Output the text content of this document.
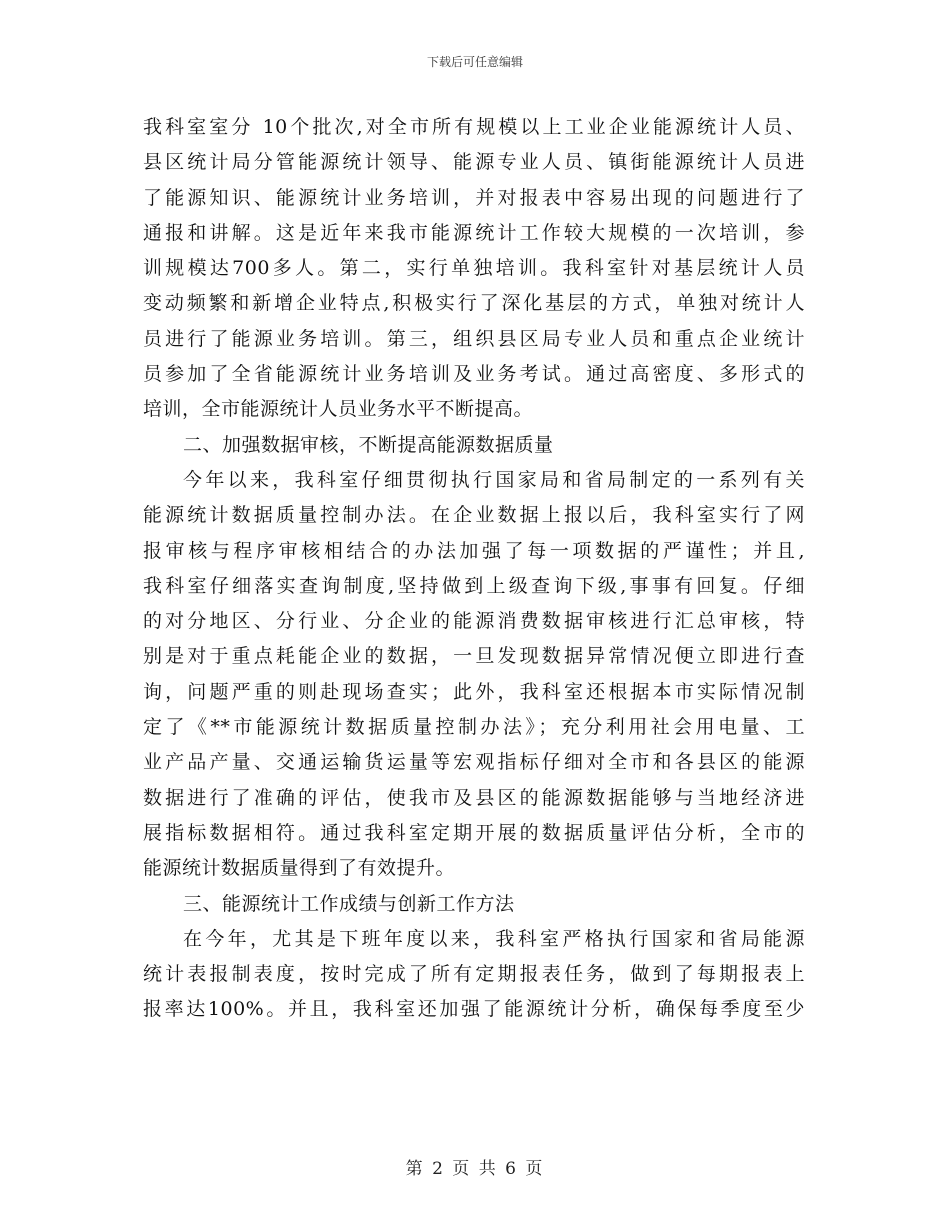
下载后可任意编辑
我科室室分 10个批次,对全市所有规模以上工业企业能源统计人员、
县区统计局分管能源统计领导、能源专业人员、镇街能源统计人员进
了能源知识、能源统计业务培训，并对报表中容易出现的问题进行了
通报和讲解。这是近年来我市能源统计工作较大规模的一次培训，参
训规模达700多人。第二，实行单独培训。我科室针对基层统计人员
变动频繁和新增企业特点,积极实行了深化基层的方式，单独对统计人
员进行了能源业务培训。第三，组织县区局专业人员和重点企业统计
员参加了全省能源统计业务培训及业务考试。通过高密度、多形式的
培训，全市能源统计人员业务水平不断提高。
二、加强数据审核，不断提高能源数据质量
今年以来，我科室仔细贯彻执行国家局和省局制定的一系列有关
能源统计数据质量控制办法。在企业数据上报以后，我科室实行了网
报审核与程序审核相结合的办法加强了每一项数据的严谨性；并且,
我科室仔细落实查询制度,坚持做到上级查询下级,事事有回复。仔细
的对分地区、分行业、分企业的能源消费数据审核进行汇总审核，特
别是对于重点耗能企业的数据，一旦发现数据异常情况便立即进行查
询，问题严重的则赴现场查实；此外，我科室还根据本市实际情况制
定了《**市能源统计数据质量控制办法》；充分利用社会用电量、工
业产品产量、交通运输货运量等宏观指标仔细对全市和各县区的能源
数据进行了准确的评估，使我市及县区的能源数据能够与当地经济进
展指标数据相符。通过我科室定期开展的数据质量评估分析，全市的
能源统计数据质量得到了有效提升。
三、能源统计工作成绩与创新工作方法
在今年，尤其是下班年度以来，我科室严格执行国家和省局能源
统计表报制表度，按时完成了所有定期报表任务，做到了每期报表上
报率达100%。并且，我科室还加强了能源统计分析，确保每季度至少
第 2 页 共 6 页
